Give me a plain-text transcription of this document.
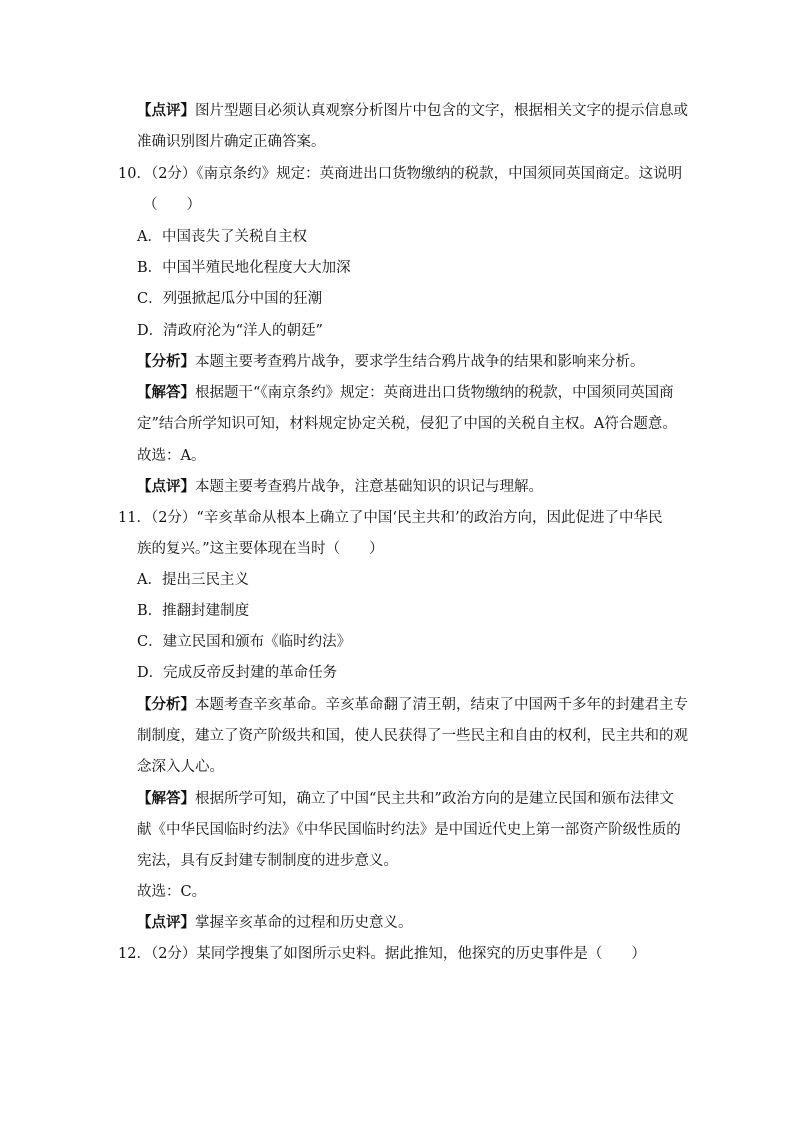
【点评】图片型题目必须认真观察分析图片中包含的文字，根据相关文字的提示信息或
准确识别图片确定正确答案。
10．（2分）《南京条约》规定：英商进出口货物缴纳的税款，中国须同英国商定。这说明
（　　）
A．中国丧失了关税自主权
B．中国半殖民地化程度大大加深
C．列强掀起瓜分中国的狂潮
D．清政府沦为“洋人的朝廷”
【分析】本题主要考查鸦片战争，要求学生结合鸦片战争的结果和影响来分析。
【解答】根据题干“《南京条约》规定：英商进出口货物缴纳的税款，中国须同英国商
定”结合所学知识可知，材料规定协定关税，侵犯了中国的关税自主权。A符合题意。
故选：A。
【点评】本题主要考查鸦片战争，注意基础知识的识记与理解。
11．（2分）“辛亥革命从根本上确立了中国‘民主共和’的政治方向，因此促进了中华民
族的复兴。”这主要体现在当时（　　）
A．提出三民主义
B．推翻封建制度
C．建立民国和颁布《临时约法》
D．完成反帝反封建的革命任务
【分析】本题考查辛亥革命。辛亥革命翻了清王朝，结束了中国两千多年的封建君主专
制制度，建立了资产阶级共和国，使人民获得了一些民主和自由的权利，民主共和的观
念深入人心。
【解答】根据所学可知，确立了中国“民主共和”政治方向的是建立民国和颁布法律文
献《中华民国临时约法》《中华民国临时约法》是中国近代史上第一部资产阶级性质的
宪法，具有反封建专制制度的进步意义。
故选：C。
【点评】掌握辛亥革命的过程和历史意义。
12．（2分）某同学搜集了如图所示史料。据此推知，他探究的历史事件是（　　）
